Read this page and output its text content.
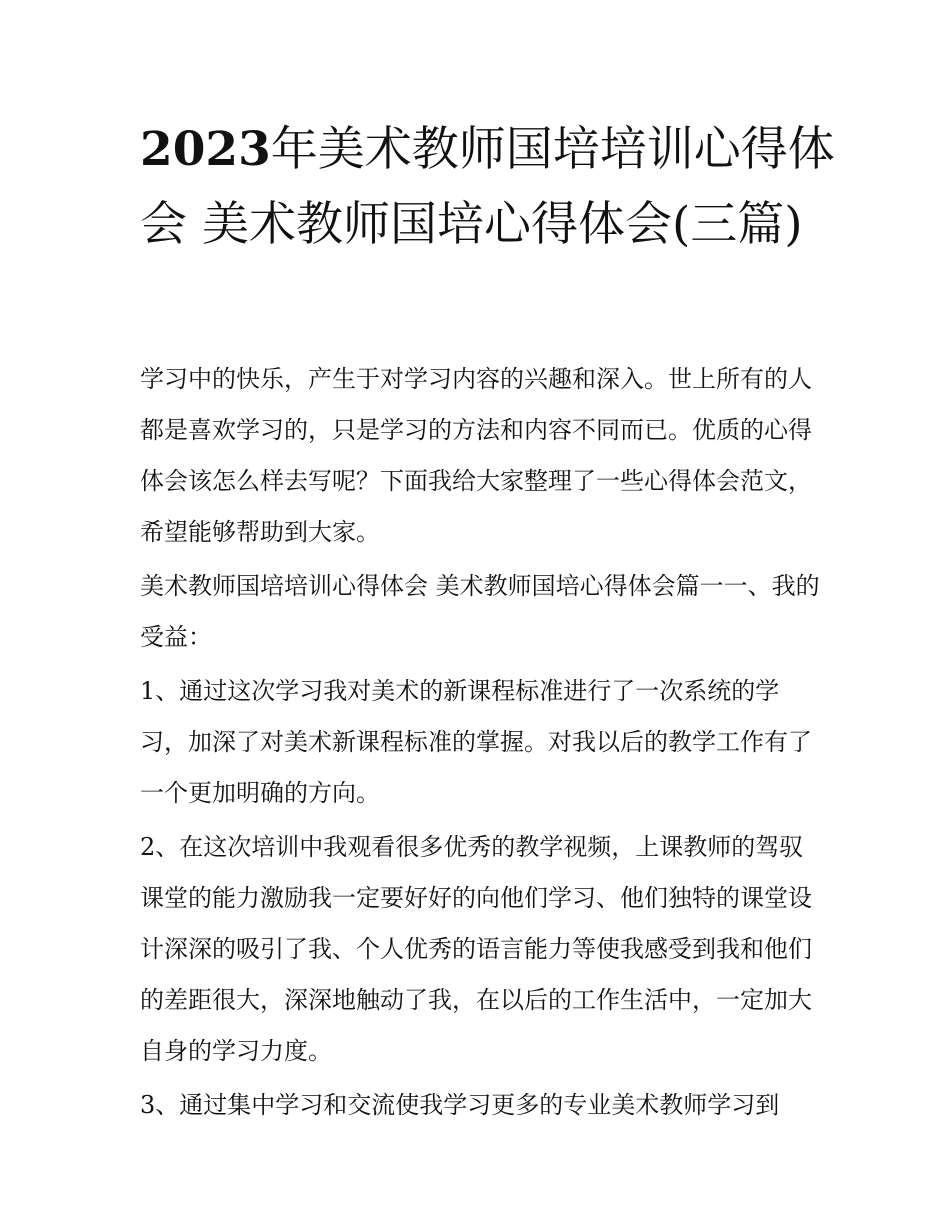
2023年美术教师国培培训心得体会 美术教师国培心得体会(三篇)

学习中的快乐，产生于对学习内容的兴趣和深入。世上所有的人都是喜欢学习的，只是学习的方法和内容不同而已。优质的心得体会该怎么样去写呢？下面我给大家整理了一些心得体会范文，希望能够帮助到大家。

美术教师国培培训心得体会 美术教师国培心得体会篇一一、我的受益：

1、通过这次学习我对美术的新课程标准进行了一次系统的学习，加深了对美术新课程标准的掌握。对我以后的教学工作有了一个更加明确的方向。

2、在这次培训中我观看很多优秀的教学视频，上课教师的驾驭课堂的能力激励我一定要好好的向他们学习、他们独特的课堂设计深深的吸引了我、个人优秀的语言能力等使我感受到我和他们的差距很大，深深地触动了我，在以后的工作生活中，一定加大自身的学习力度。

3、通过集中学习和交流使我学习更多的专业美术教师学习到
